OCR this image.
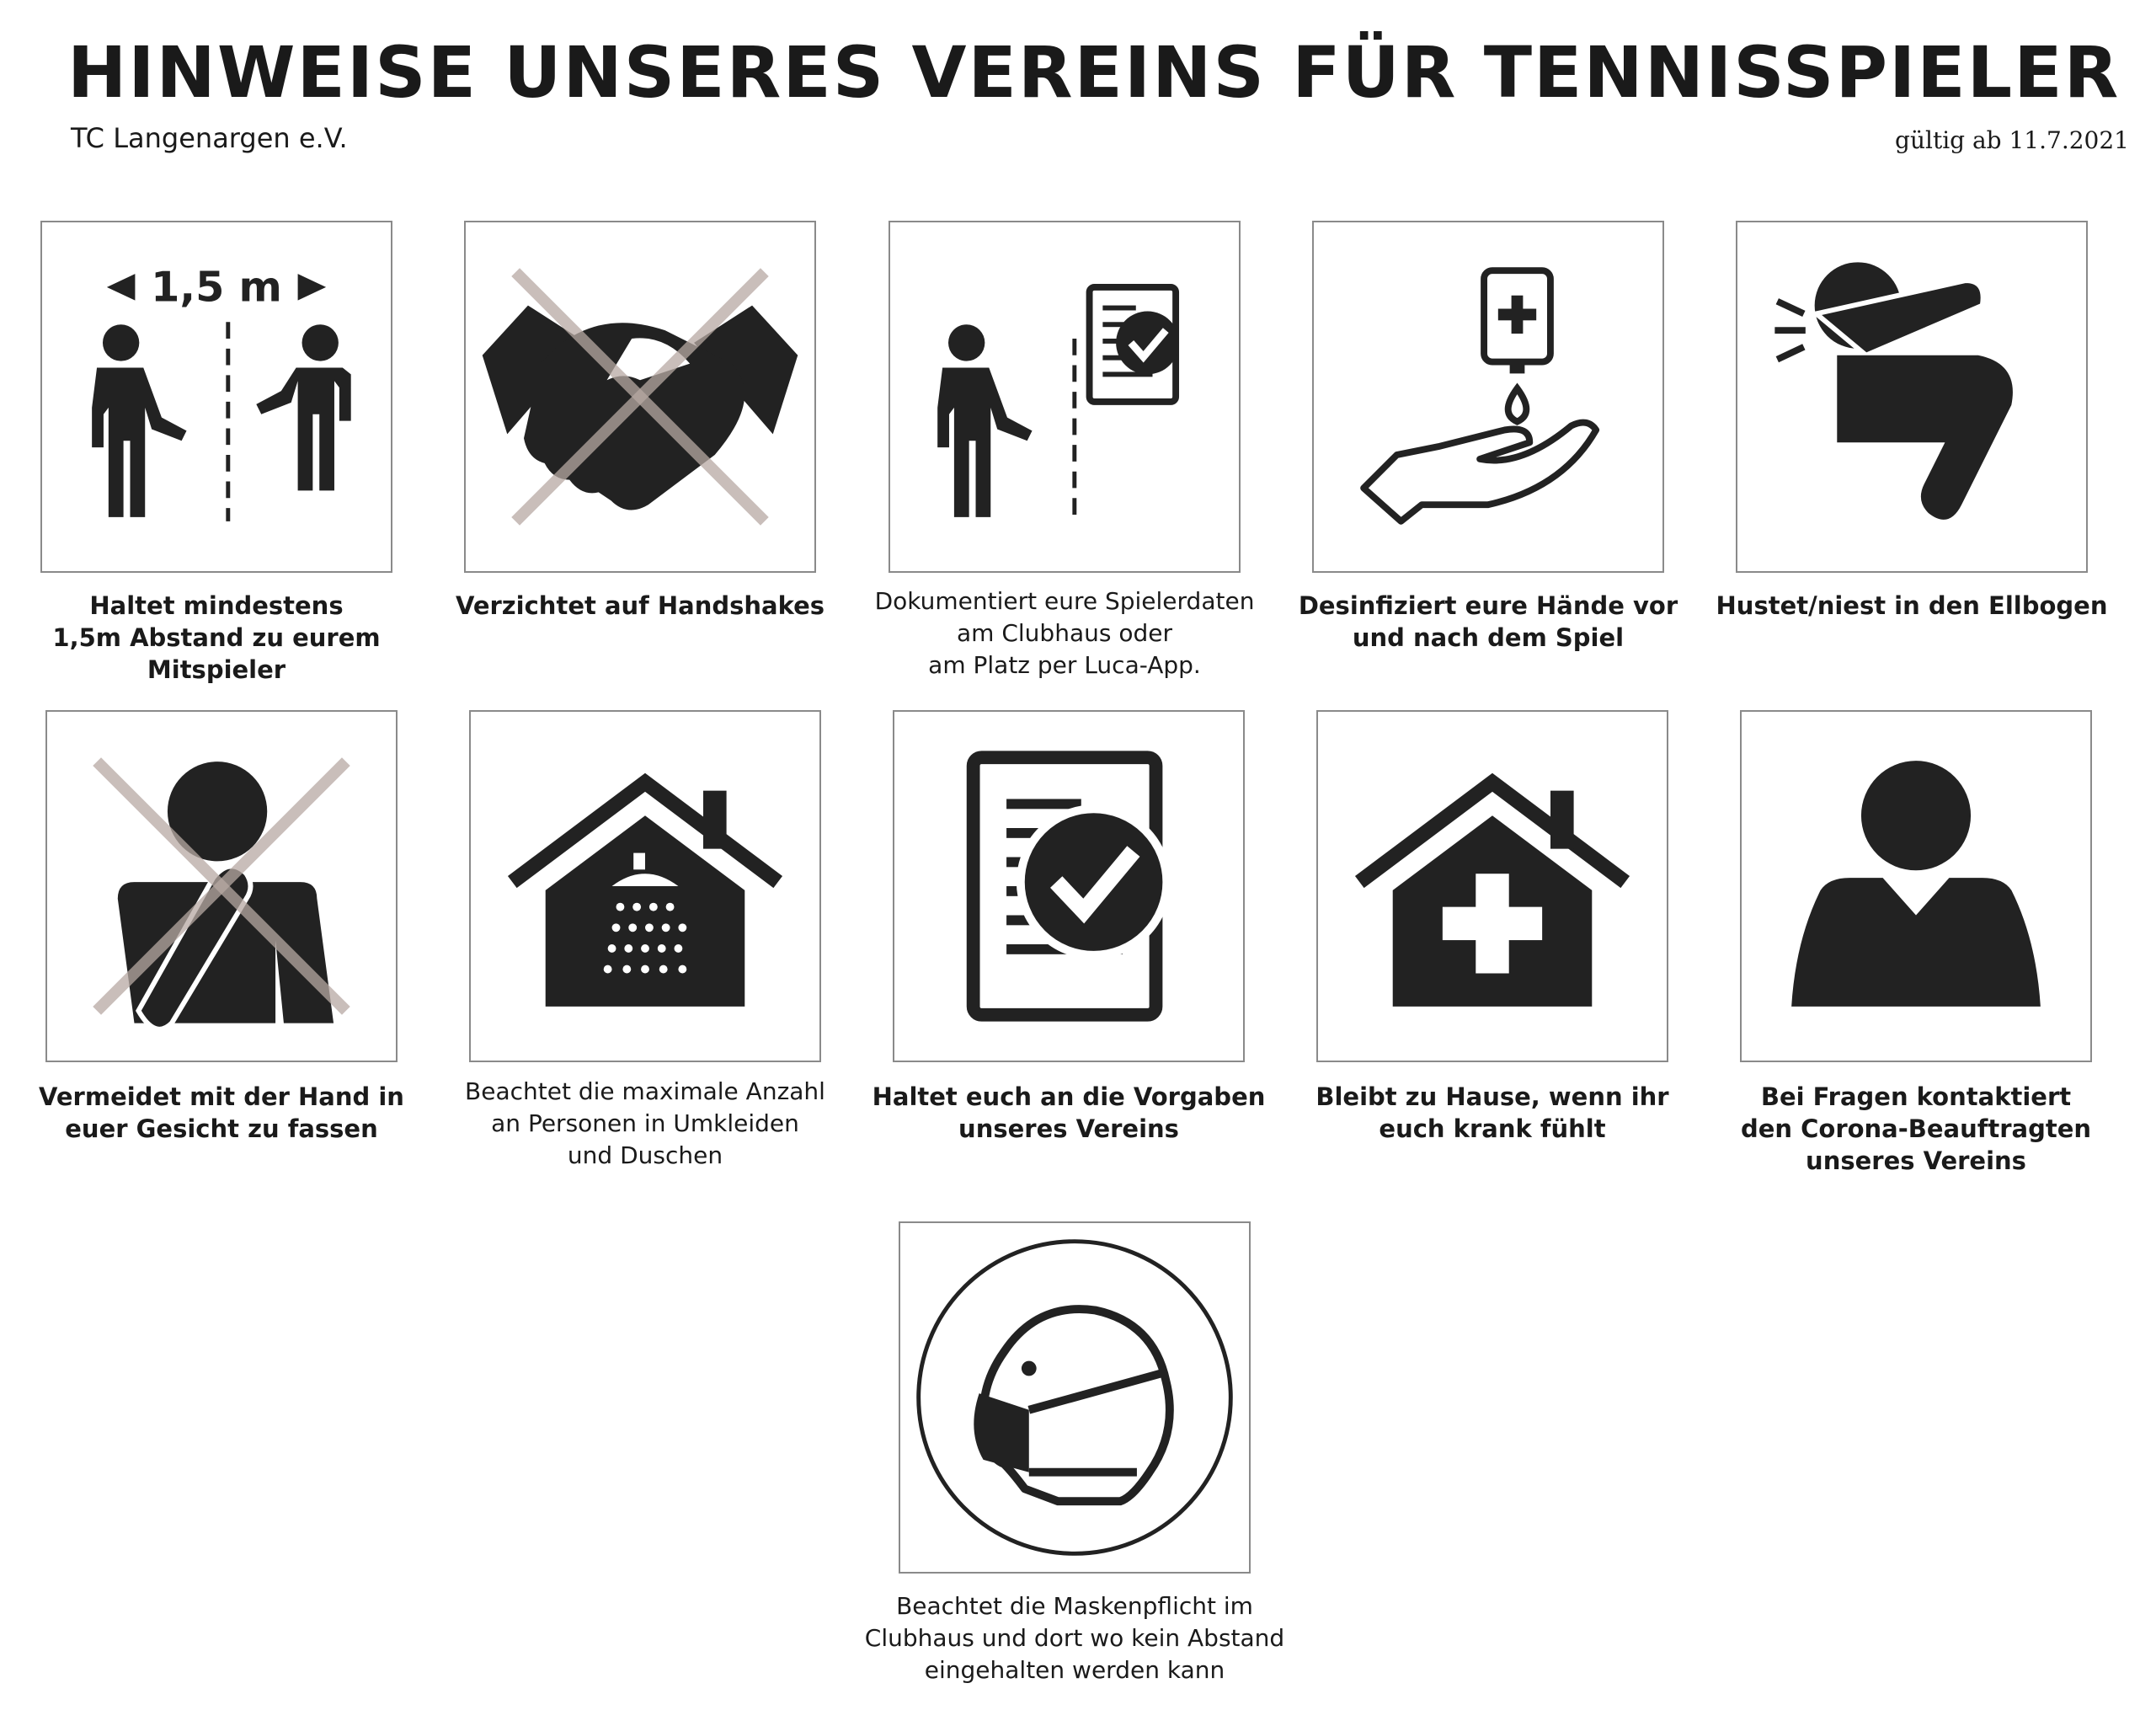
HINWEISE UNSERES VEREINS FÜR TENNISSPIELER
TC Langenargen e.V.	gültig ab 11.7.2021
1,5 m
Haltet mindestens
1,5m Abstand zu eurem
Mitspieler
Verzichtet auf Handshakes	Dokumentiert eure Spielerdaten
am Clubhaus oder
am Platz per Luca-App.
Desinfiziert eure Hände vor
und nach dem Spiel
Hustet/niest in den Ellbogen
Vermeidet mit der Hand in
euer Gesicht zu fassen
Beachtet die maximale Anzahl
an Personen in Umkleiden
und Duschen
Haltet euch an die Vorgaben
unseres Vereins
Bleibt zu Hause, wenn ihr
euch krank fühlt
Bei Fragen kontaktiert
den Corona-Beauftragten
unseres Vereins
Beachtet die Maskenpflicht im
Clubhaus und dort wo kein Abstand
eingehalten werden kann
